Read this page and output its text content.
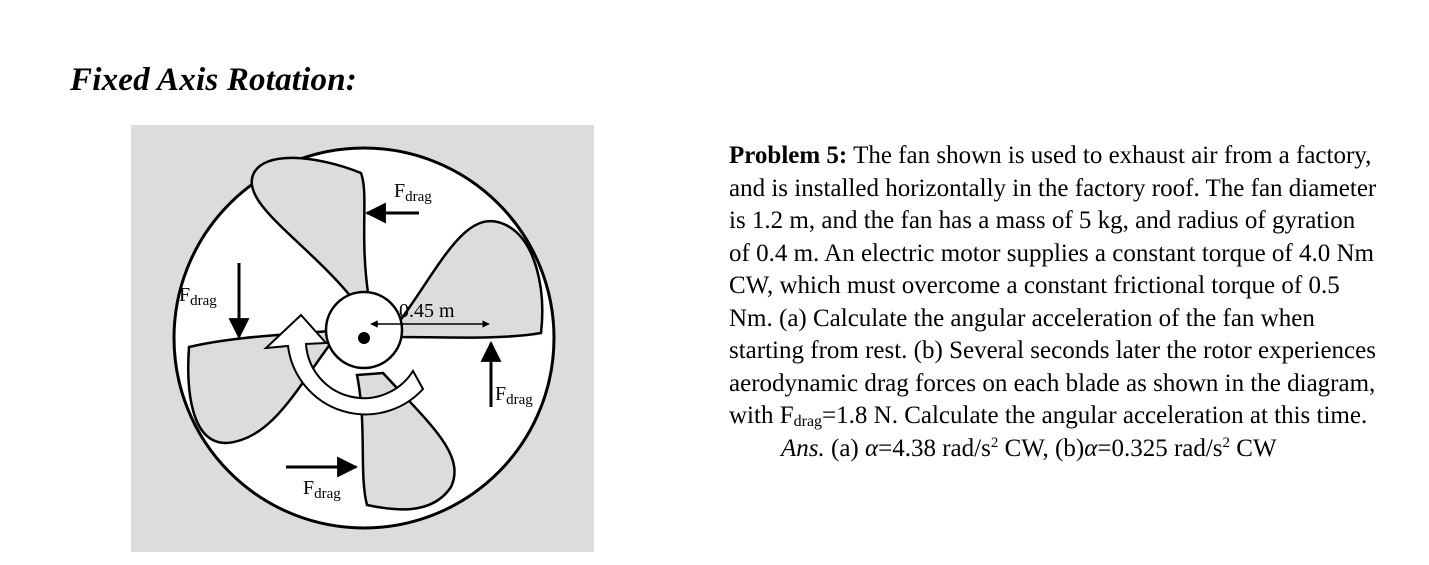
Fixed Axis Rotation:
$F_{drag}$
$F_{drag}$
$F_{drag}$
$F_{drag}$
0.45 m

Problem 5: The fan shown is used to exhaust air from a factory, and is installed horizontally in the factory roof. The fan diameter is 1.2 m, and the fan has a mass of 5 kg, and radius of gyration of 0.4 m. An electric motor supplies a constant torque of 4.0 Nm CW, which must overcome a constant frictional torque of 0.5 Nm. (a) Calculate the angular acceleration of the fan when starting from rest. (b) Several seconds later the rotor experiences aerodynamic drag forces on each blade as shown in the diagram, with $F_{drag}=1.8$ N. Calculate the angular acceleration at this time.

Ans. (a) α=4.38 rad/$s^2$ CW, (b)α=0.325 rad/$s^2$ CW
